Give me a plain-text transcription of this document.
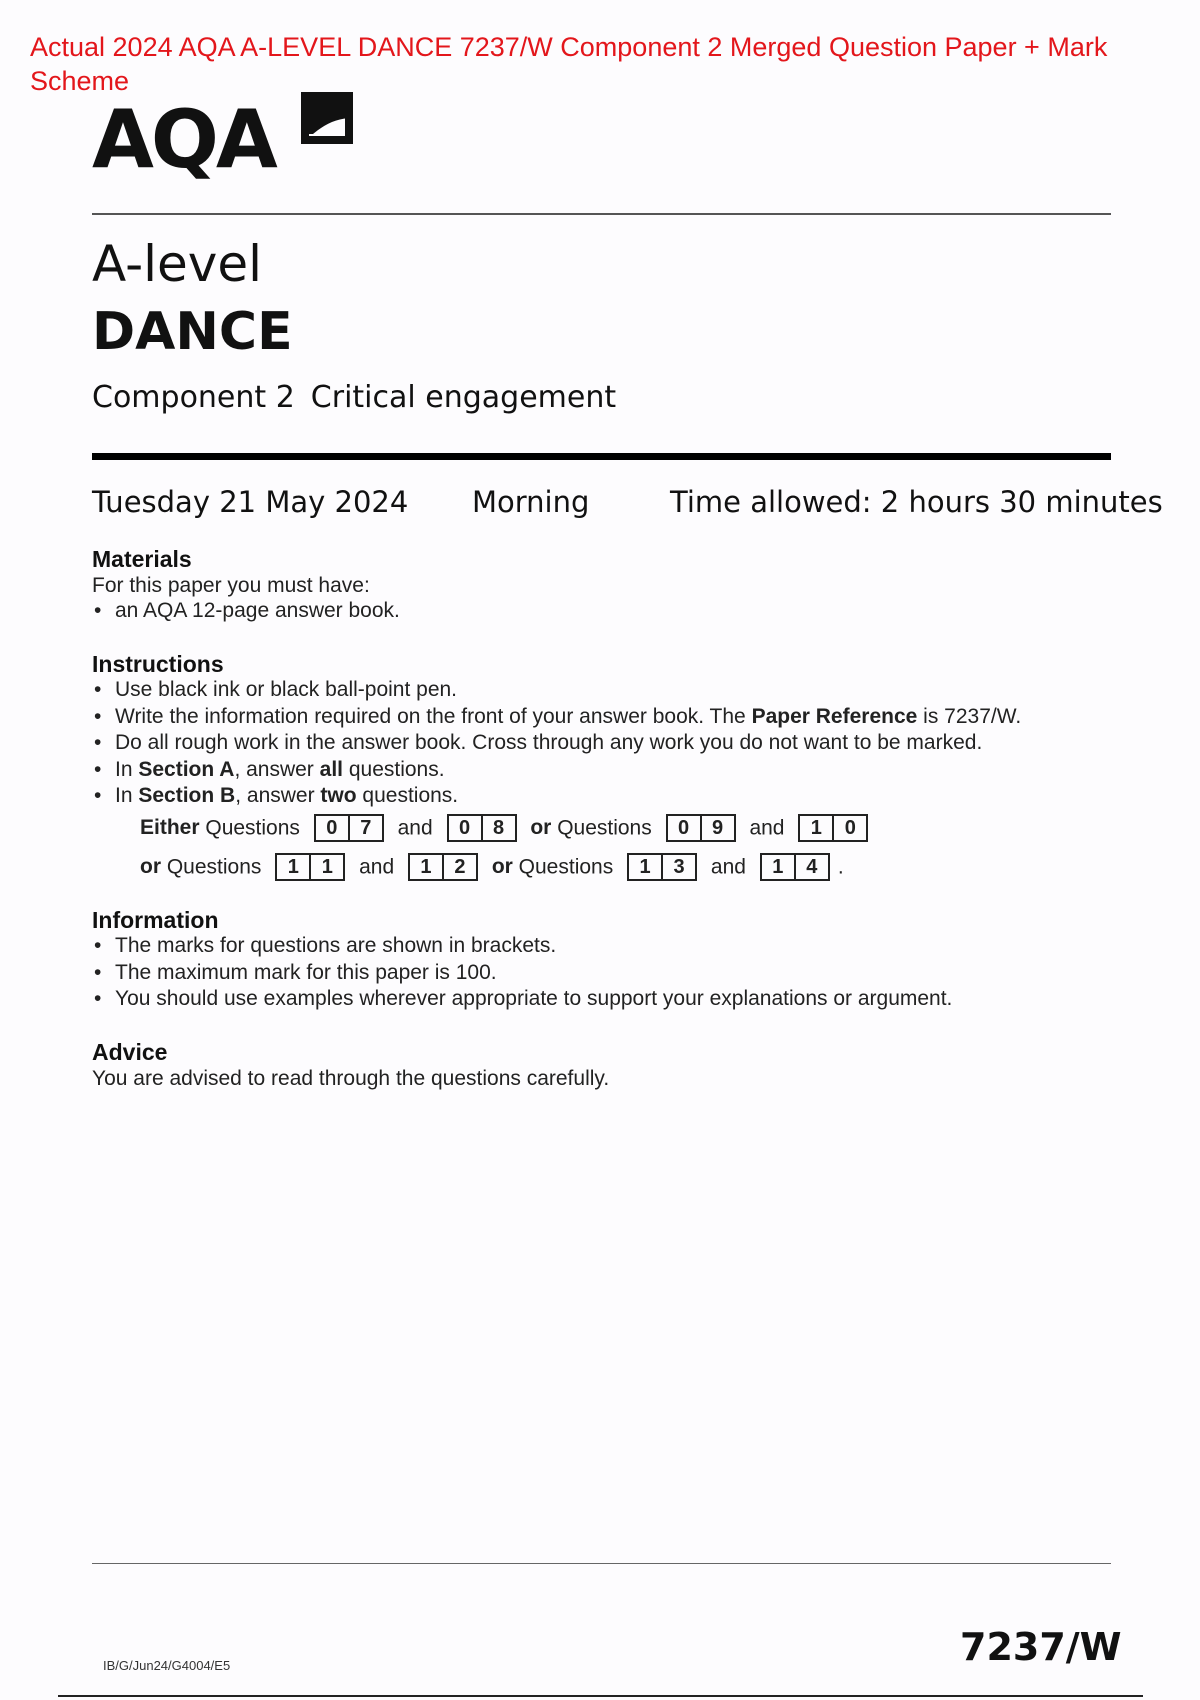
Actual 2024 AQA A-LEVEL DANCE 7237/W Component 2 Merged Question Paper + Mark Scheme
AQA
A-level
DANCE
Component 2 Critical engagement
Tuesday 21 May 2024 Morning	Time allowed: 2 hours 30 minutes
Materials
For this paper you must have:
• an AQA 12-page answer book.
Instructions
• Use black ink or black ball-point pen.
• Write the information required on the front of your answer book. The Paper Reference is 7237/W.
• Do all rough work in the answer book. Cross through any work you do not want to be marked.
• In Section A, answer all questions.
• In Section B, answer two questions.
Either Questions	0	7	and	0	8	or Questions	0	9	and	1	0
or Questions	1	1	and	1	2	or Questions	1	3	and	1	4 .
Information
• The marks for questions are shown in brackets.
• The maximum mark for this paper is 100.
• You should use examples wherever appropriate to support your explanations or argument.
Advice
You are advised to read through the questions carefully.
IB/G/Jun24/G4004/E5	7237/W
